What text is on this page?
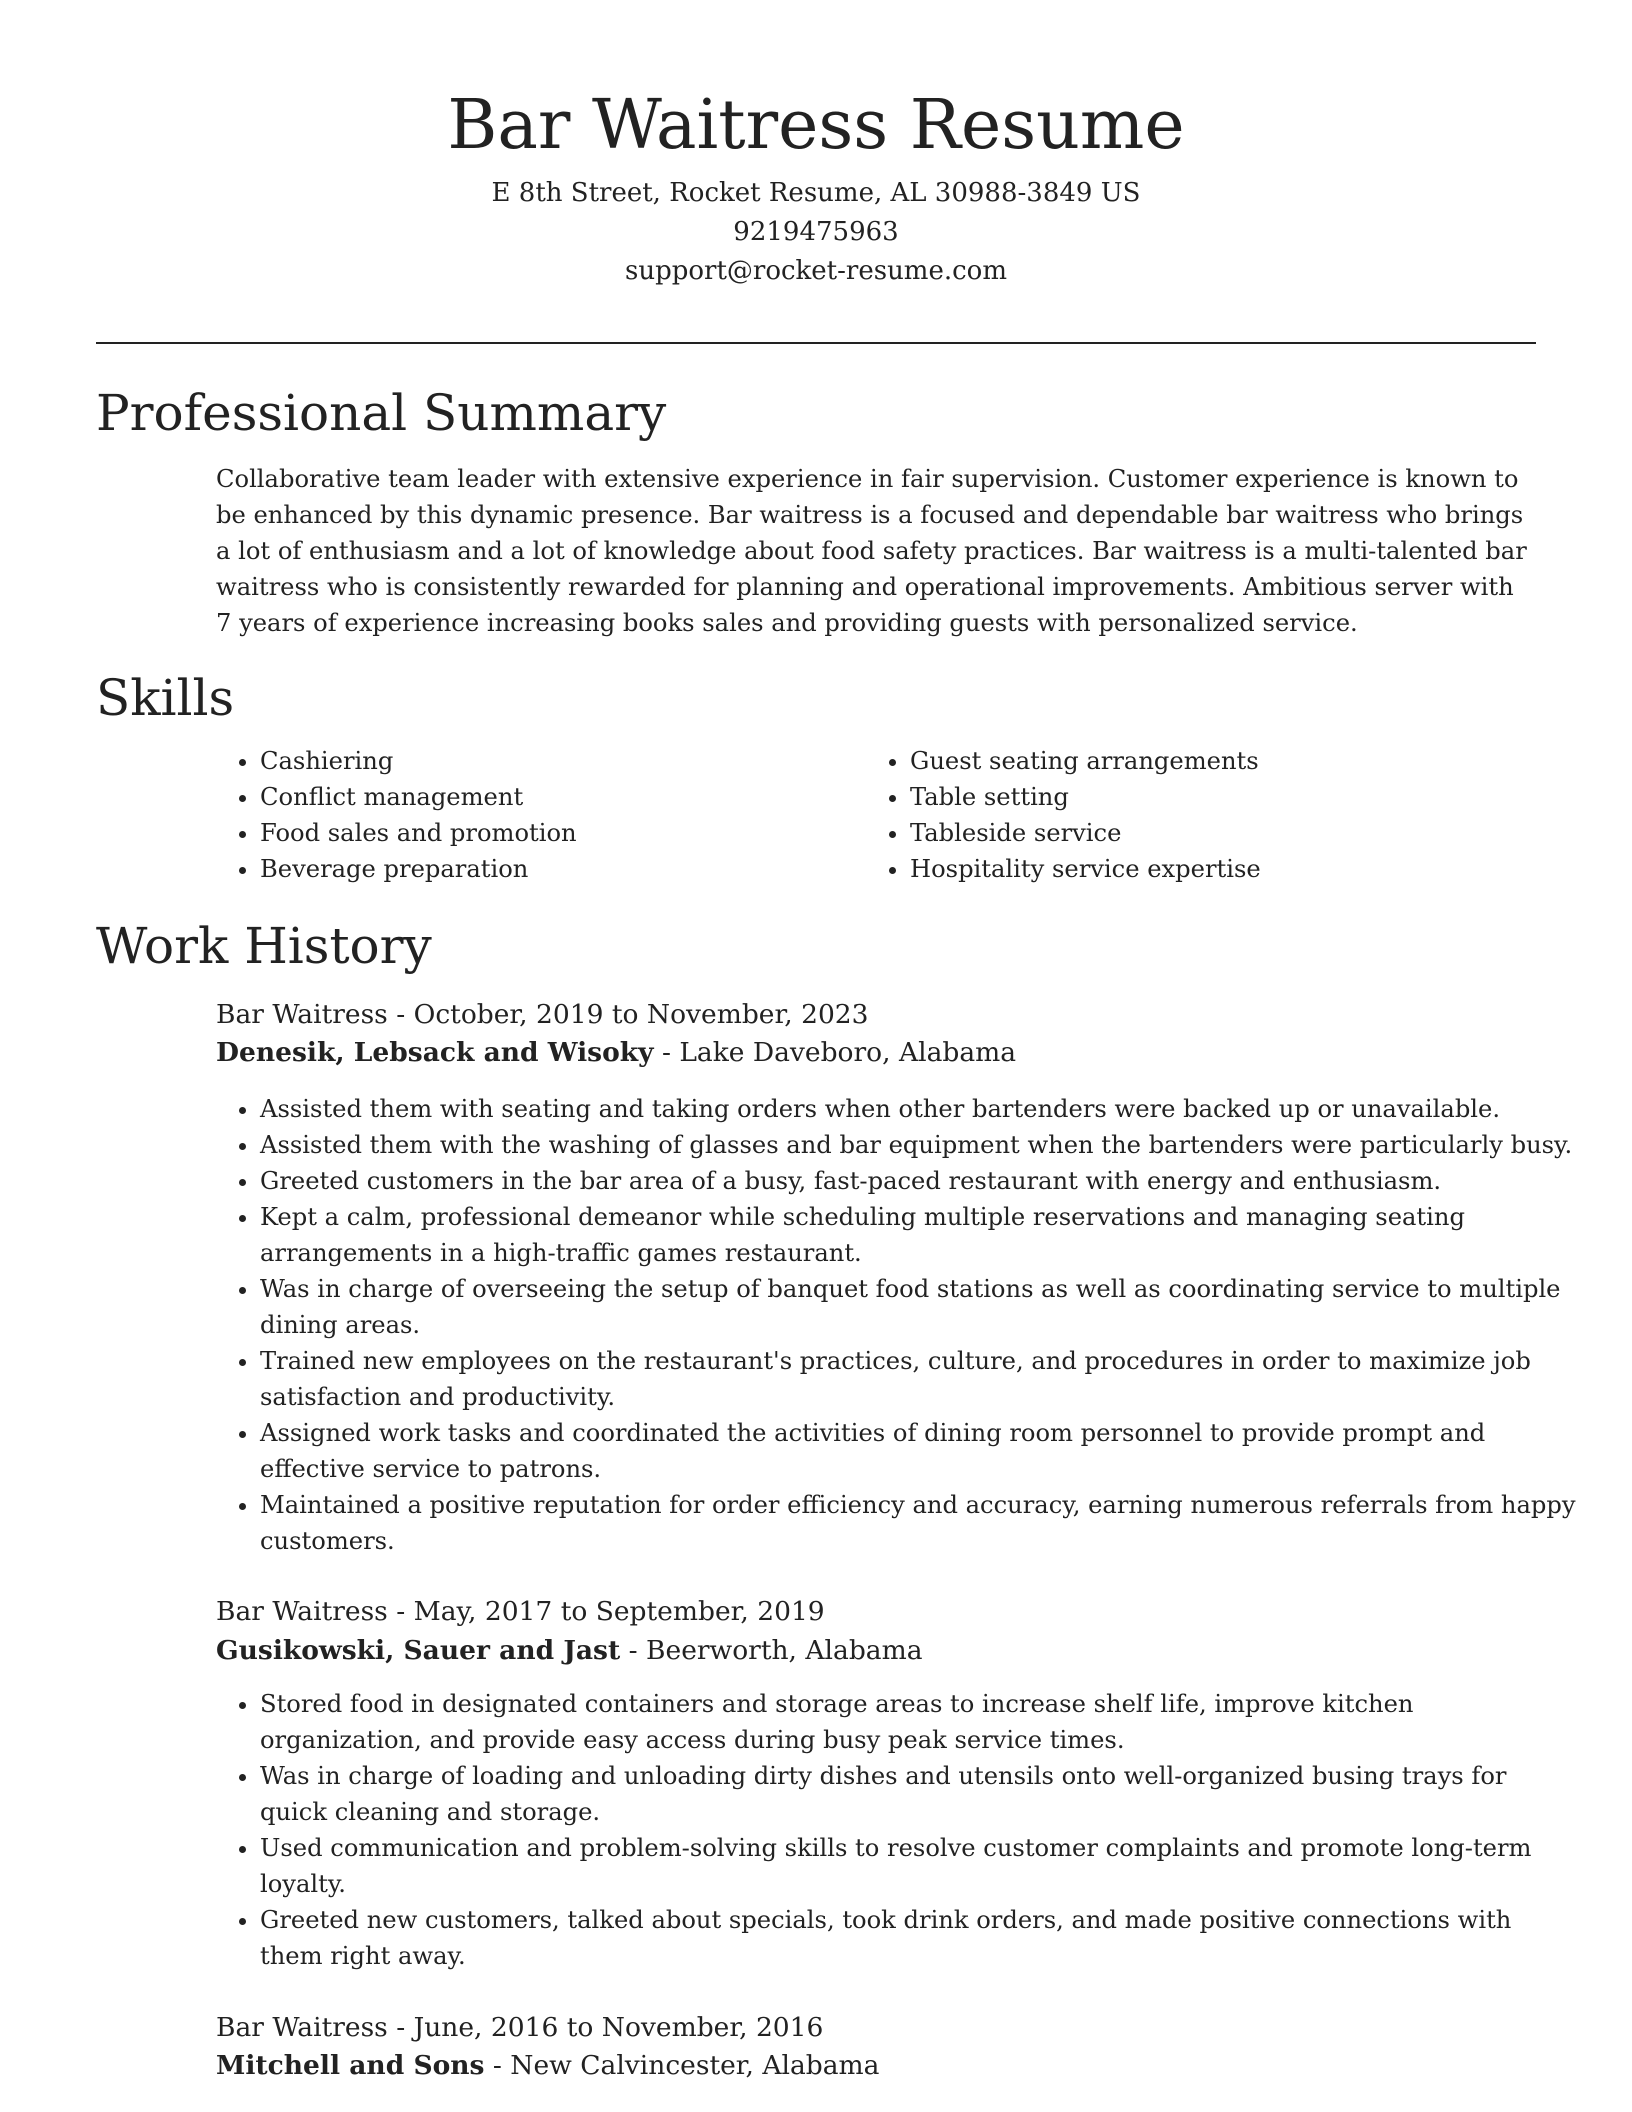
Bar Waitress Resume
E 8th Street, Rocket Resume, AL 30988-3849 US
9219475963
support@rocket-resume.com
Professional Summary
Collaborative team leader with extensive experience in fair supervision. Customer experience is known to be enhanced by this dynamic presence. Bar waitress is a focused and dependable bar waitress who brings a lot of enthusiasm and a lot of knowledge about food safety practices. Bar waitress is a multi-talented bar waitress who is consistently rewarded for planning and operational improvements. Ambitious server with 7 years of experience increasing books sales and providing guests with personalized service.
Skills
• Cashiering
• Conflict management
• Food sales and promotion
• Beverage preparation
• Guest seating arrangements
• Table setting
• Tableside service
• Hospitality service expertise
Work History
Bar Waitress - October, 2019 to November, 2023
Denesik, Lebsack and Wisoky - Lake Daveboro, Alabama
• Assisted them with seating and taking orders when other bartenders were backed up or unavailable.
• Assisted them with the washing of glasses and bar equipment when the bartenders were particularly busy.
• Greeted customers in the bar area of a busy, fast-paced restaurant with energy and enthusiasm.
• Kept a calm, professional demeanor while scheduling multiple reservations and managing seating arrangements in a high-traffic games restaurant.
• Was in charge of overseeing the setup of banquet food stations as well as coordinating service to multiple dining areas.
• Trained new employees on the restaurant's practices, culture, and procedures in order to maximize job satisfaction and productivity.
• Assigned work tasks and coordinated the activities of dining room personnel to provide prompt and effective service to patrons.
• Maintained a positive reputation for order efficiency and accuracy, earning numerous referrals from happy customers.
Bar Waitress - May, 2017 to September, 2019
Gusikowski, Sauer and Jast - Beerworth, Alabama
• Stored food in designated containers and storage areas to increase shelf life, improve kitchen organization, and provide easy access during busy peak service times.
• Was in charge of loading and unloading dirty dishes and utensils onto well-organized busing trays for quick cleaning and storage.
• Used communication and problem-solving skills to resolve customer complaints and promote long-term loyalty.
• Greeted new customers, talked about specials, took drink orders, and made positive connections with them right away.
Bar Waitress - June, 2016 to November, 2016
Mitchell and Sons - New Calvincester, Alabama
